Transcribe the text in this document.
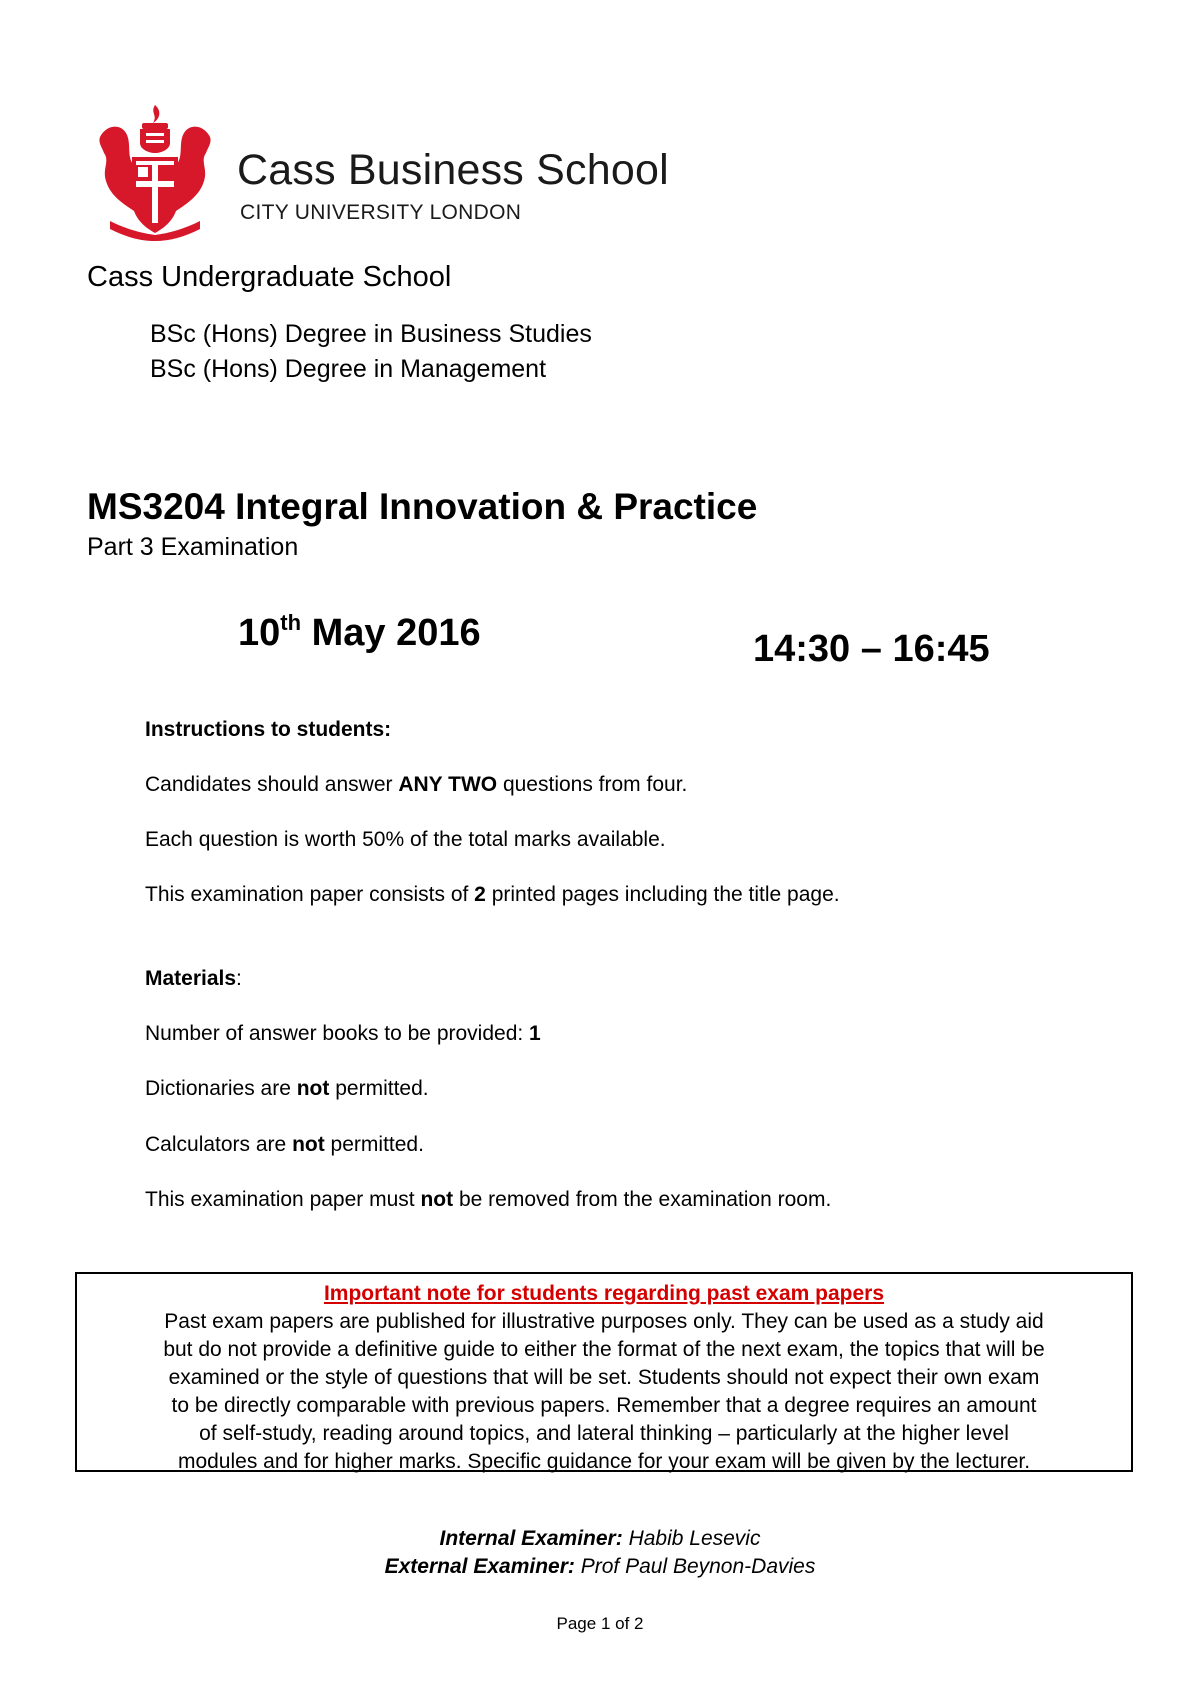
Cass Business School
CITY UNIVERSITY LONDON
Cass Undergraduate School
BSc (Hons) Degree in Business Studies
BSc (Hons) Degree in Management
MS3204 Integral Innovation & Practice
Part 3 Examination
10th May 2016	14:30 – 16:45
Instructions to students:
Candidates should answer ANY TWO questions from four.
Each question is worth 50% of the total marks available.
This examination paper consists of 2 printed pages including the title page.
Materials:
Number of answer books to be provided: 1
Dictionaries are not permitted.
Calculators are not permitted.
This examination paper must not be removed from the examination room.
Important note for students regarding past exam papers
Past exam papers are published for illustrative purposes only. They can be used as a study aid
but do not provide a definitive guide to either the format of the next exam, the topics that will be
examined or the style of questions that will be set. Students should not expect their own exam
to be directly comparable with previous papers. Remember that a degree requires an amount
of self-study, reading around topics, and lateral thinking – particularly at the higher level
modules and for higher marks. Specific guidance for your exam will be given by the lecturer.
Internal Examiner: Habib Lesevic
External Examiner: Prof Paul Beynon-Davies
Page 1 of 2
